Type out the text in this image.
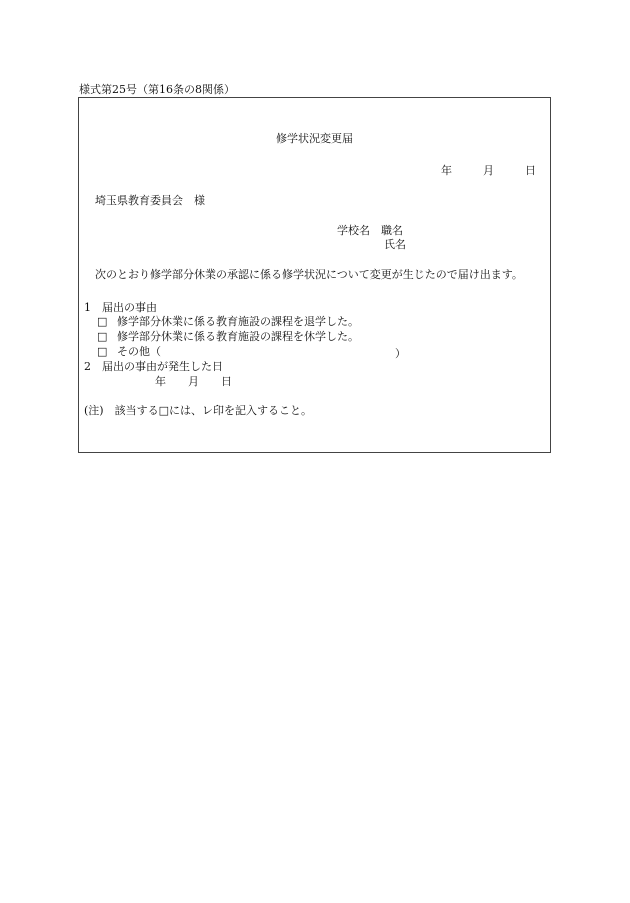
様式第25号（第16条の8関係）
修学状況変更届
年	月	日
埼玉県教育委員会　様
学校名　職名
氏名
次のとおり修学部分休業の承認に係る修学状況について変更が生じたので届け出ます。
1　届出の事由
□ 修学部分休業に係る教育施設の課程を退学した。
□ 修学部分休業に係る教育施設の課程を休学した。
□ その他（	）
2　届出の事由が発生した日
年　　月　　日
(注)　該当する□には、レ印を記入すること。
